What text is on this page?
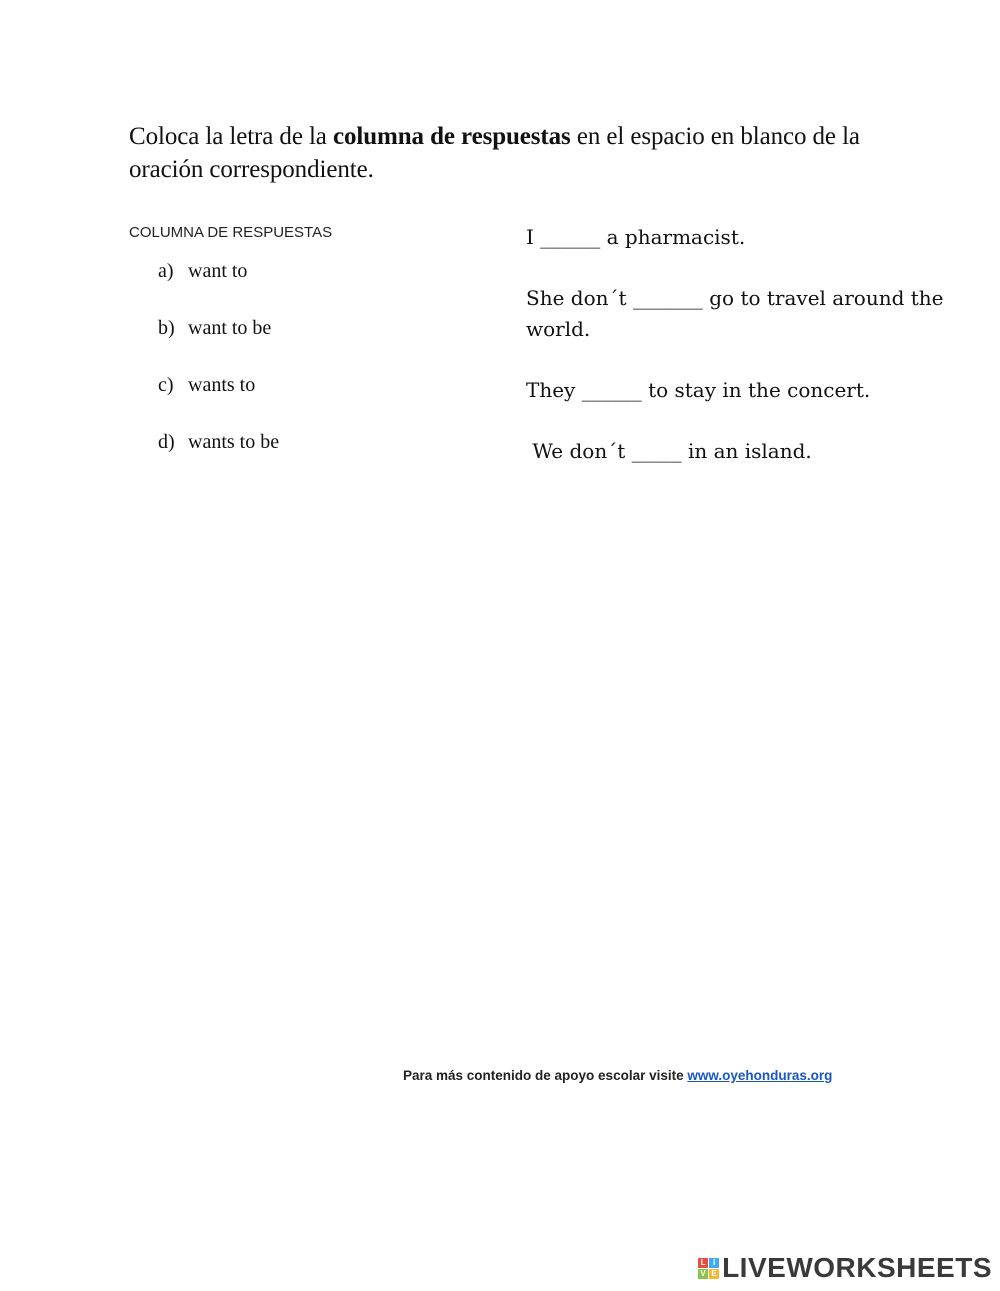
Coloca la letra de la columna de respuestas en el espacio en blanco de la oración correspondiente.
COLUMNA DE RESPUESTAS
a) want to
b) want to be
c) wants to
d) wants to be

I ______ a pharmacist.

She don´t _______ go to travel around the world.

They ______ to stay in the concert.

We don´t _____ in an island.

Para más contenido de apoyo escolar visite www.oyehonduras.org
L I
V E LIVEWORKSHEETS
